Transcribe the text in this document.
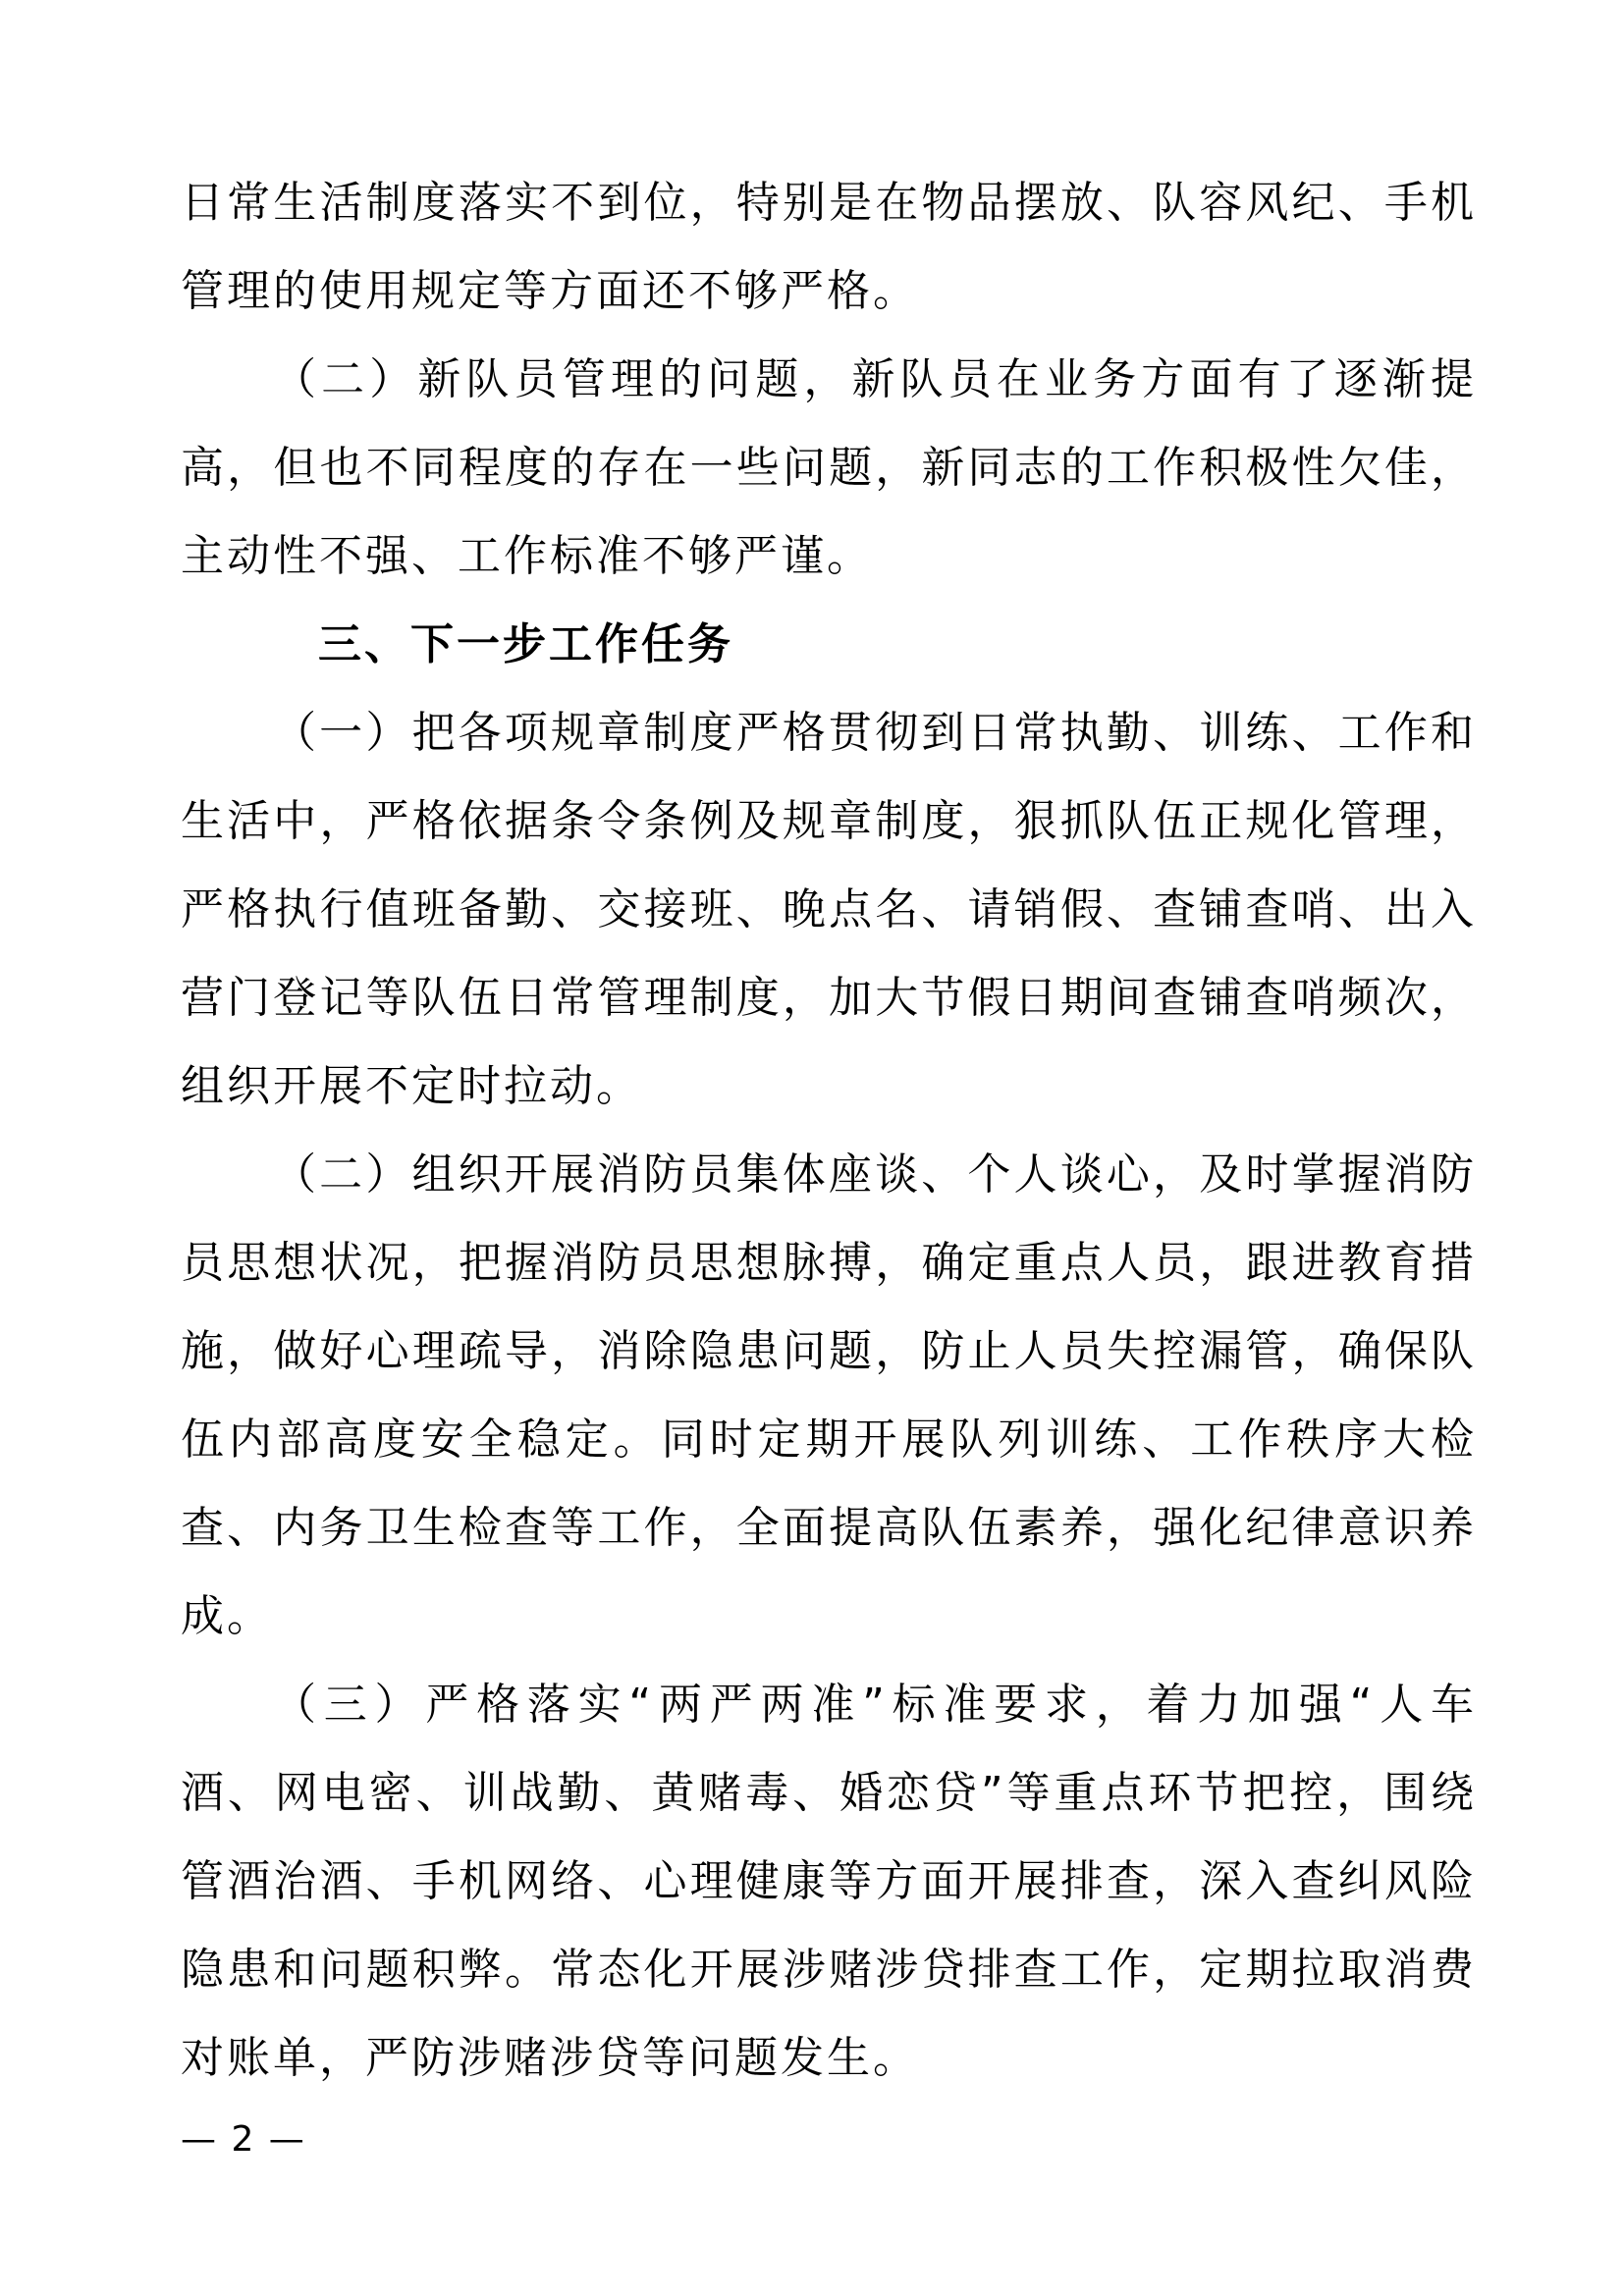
日常生活制度落实不到位，特别是在物品摆放、队容风纪、手机
管理的使用规定等方面还不够严格。
（二）新队员管理的问题，新队员在业务方面有了逐渐提
高，但也不同程度的存在一些问题，新同志的工作积极性欠佳，
主动性不强、工作标准不够严谨。
三、下一步工作任务
（一）把各项规章制度严格贯彻到日常执勤、训练、工作和
生活中，严格依据条令条例及规章制度，狠抓队伍正规化管理，
严格执行值班备勤、交接班、晚点名、请销假、查铺查哨、出入
营门登记等队伍日常管理制度，加大节假日期间查铺查哨频次，
组织开展不定时拉动。
（二）组织开展消防员集体座谈、个人谈心，及时掌握消防
员思想状况，把握消防员思想脉搏，确定重点人员，跟进教育措
施，做好心理疏导，消除隐患问题，防止人员失控漏管，确保队
伍内部高度安全稳定。同时定期开展队列训练、工作秩序大检
查、内务卫生检查等工作，全面提高队伍素养，强化纪律意识养
成。
（三）严格落实“两严两准”标准要求，着力加强“人车
酒、网电密、训战勤、黄赌毒、婚恋贷”等重点环节把控，围绕
管酒治酒、手机网络、心理健康等方面开展排查，深入查纠风险
隐患和问题积弊。常态化开展涉赌涉贷排查工作，定期拉取消费
对账单，严防涉赌涉贷等问题发生。
— 2 —
